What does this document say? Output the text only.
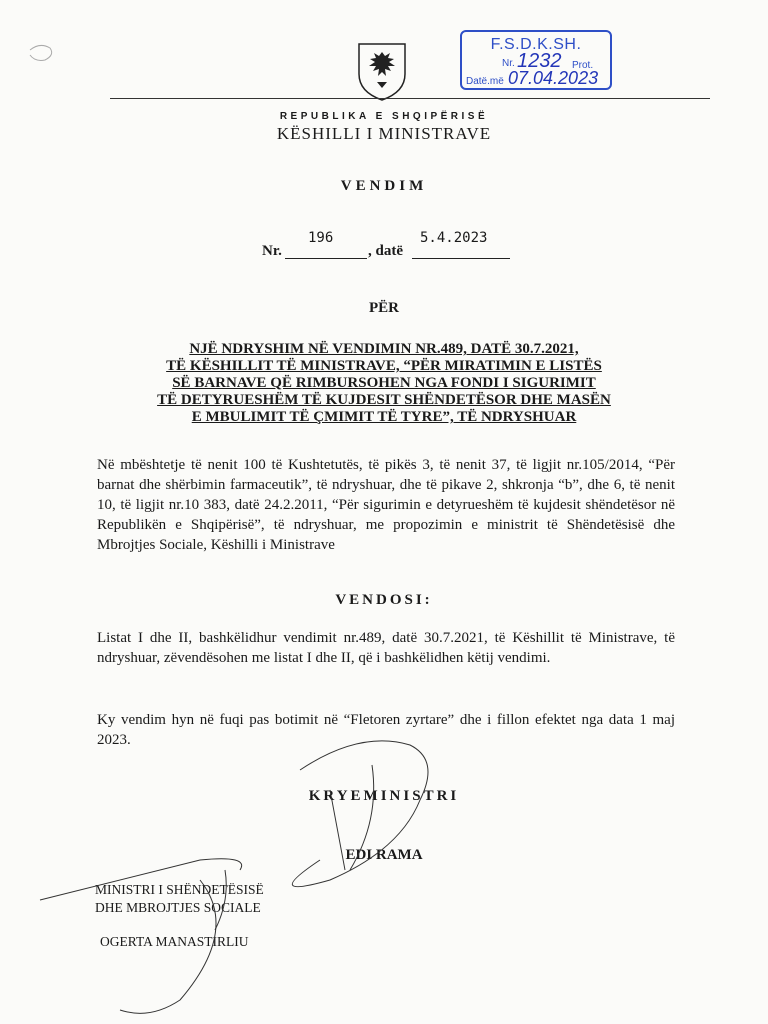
F.S.D.K.SH.
Nr. 1232 Prot.
Datë.më 07.04.2023
REPUBLIKA E SHQIPËRISË
KËSHILLI I MINISTRAVE
VENDIM
Nr.
196
, datë
5.4.2023
PËR
NJË NDRYSHIM NË VENDIMIN NR.489, DATË 30.7.2021,
TË KËSHILLIT TË MINISTRAVE, “PËR MIRATIMIN E LISTËS
SË BARNAVE QË RIMBURSOHEN NGA FONDI I SIGURIMIT
TË DETYRUESHËM TË KUJDESIT SHËNDETËSOR DHE MASËN
E MBULIMIT TË ÇMIMIT TË TYRE”, TË NDRYSHUAR
Në mbështetje të nenit 100 të Kushtetutës, të pikës 3, të nenit 37, të ligjit nr.105/2014, “Për barnat dhe shërbimin farmaceutik”, të ndryshuar, dhe të pikave 2, shkronja “b”, dhe 6, të nenit 10, të ligjit nr.10 383, datë 24.2.2011, “Për sigurimin e detyrueshëm të kujdesit shëndetësor në Republikën e Shqipërisë”, të ndryshuar, me propozimin e ministrit të Shëndetësisë dhe Mbrojtjes Sociale, Këshilli i Ministrave
VENDOSI:
Listat I dhe II, bashkëlidhur vendimit nr.489, datë 30.7.2021, të Këshillit të Ministrave, të ndryshuar, zëvendësohen me listat I dhe II, që i bashkëlidhen këtij vendimi.
Ky vendim hyn në fuqi pas botimit në “Fletoren zyrtare” dhe i fillon efektet nga data 1 maj 2023.
KRYEMINISTRI
EDI RAMA
MINISTRI I SHËNDETËSISË
DHE MBROJTJES SOCIALE
OGERTA MANASTIRLIU
